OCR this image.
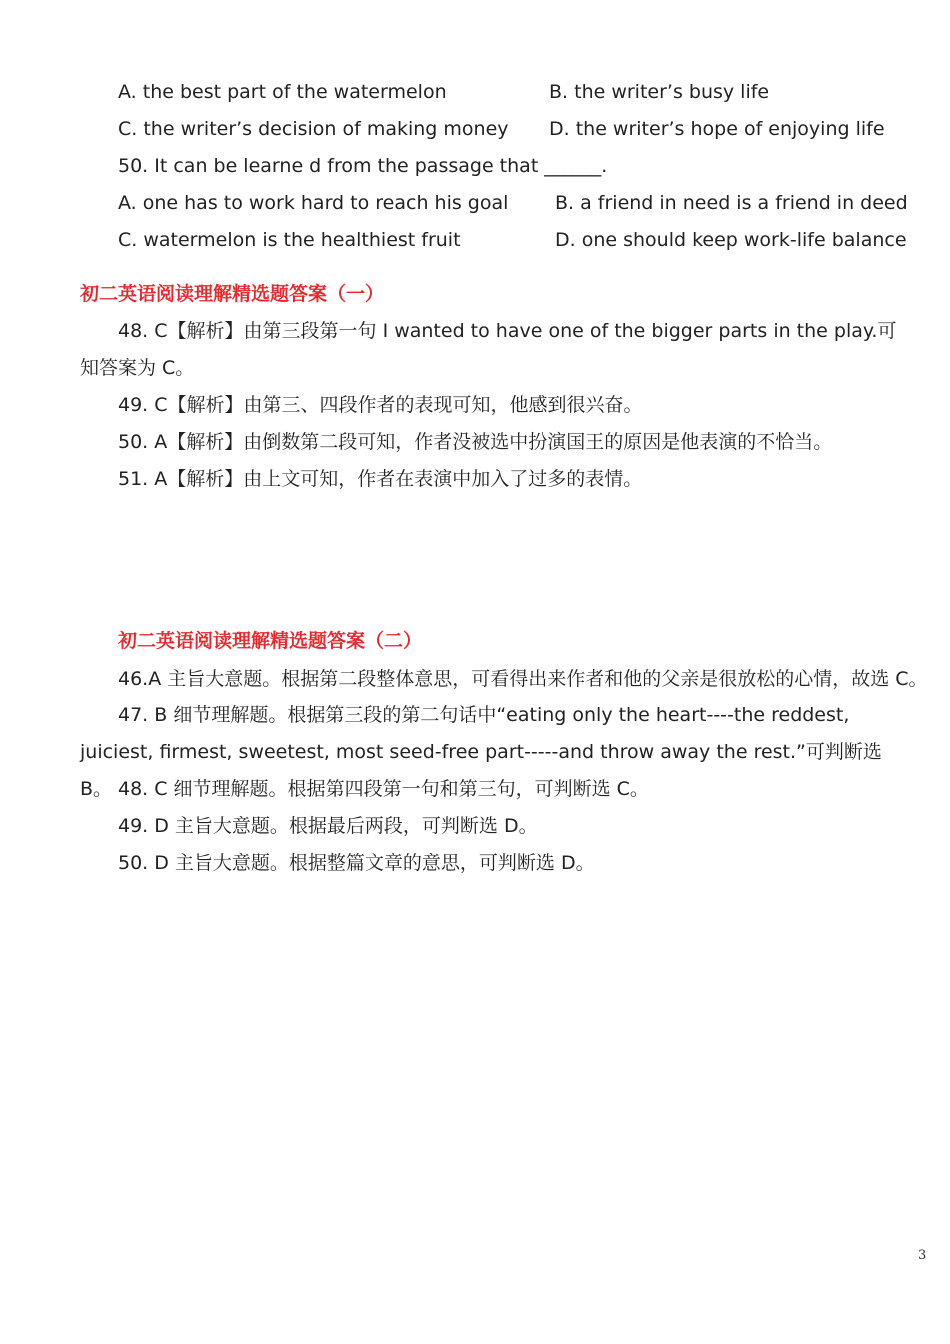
A. the best part of the watermelon	B. the writer’s busy life
C. the writer’s decision of making money D. the writer’s hope of enjoying life
50. It can be learne d from the passage that ______.
A. one has to work hard to reach his goal B. a friend in need is a friend in deed
C. watermelon is the healthiest fruit	D. one should keep work-life balance
初二英语阅读理解精选题答案（一）
48. C【解析】由第三段第一句 I wanted to have one of the bigger parts in the play.可知答案为 C。
49. C【解析】由第三、四段作者的表现可知，他感到很兴奋。
50. A【解析】由倒数第二段可知，作者没被选中扮演国王的原因是他表演的不恰当。
51. A【解析】由上文可知，作者在表演中加入了过多的表情。
初二英语阅读理解精选题答案（二）
46.A 主旨大意题。根据第二段整体意思，可看得出来作者和他的父亲是很放松的心情，故选 C。
47. B 细节理解题。根据第三段的第二句话中“eating only the heart----the reddest, juiciest, firmest, sweetest, most seed-free part-----and throw away the rest.”可判断选 B。 48. C 细节理解题。根据第四段第一句和第三句，可判断选 C。
49. D 主旨大意题。根据最后两段，可判断选 D。
50. D 主旨大意题。根据整篇文章的意思，可判断选 D。
3
